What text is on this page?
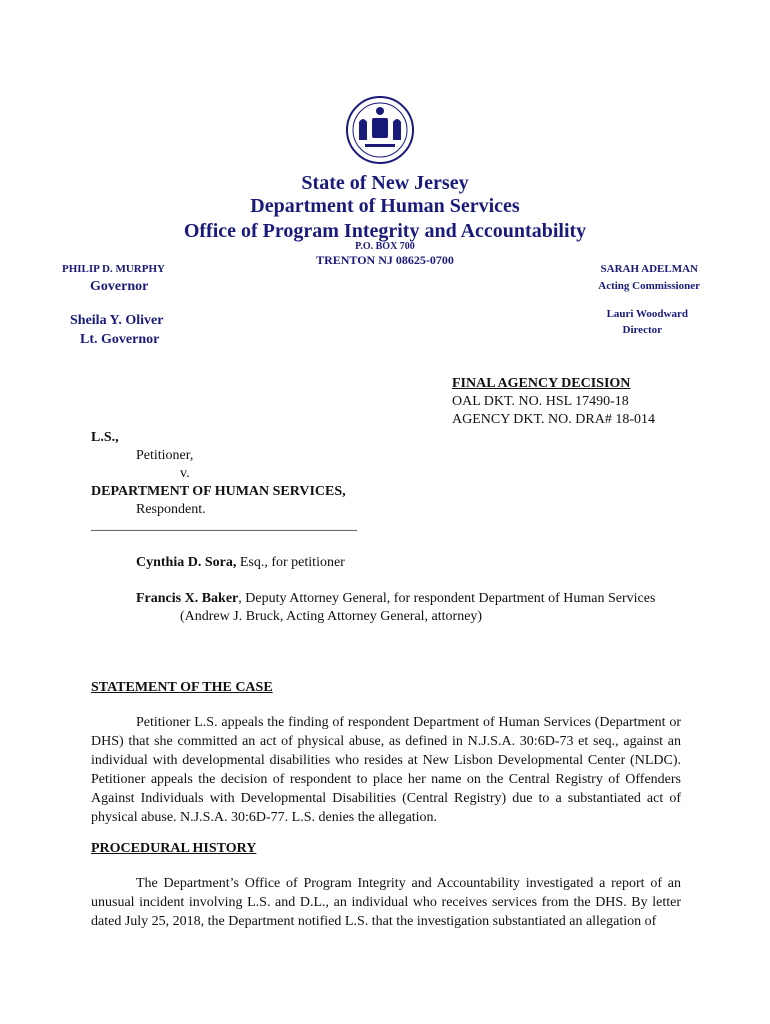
State of New Jersey
Department of Human Services
Office of Program Integrity and Accountability
P.O. BOX 700
TRENTON NJ 08625-0700
PHILIP D. MURPHY
Governor
Sheila Y. Oliver
Lt. Governor
SARAH ADELMAN
Acting Commissioner
Lauri Woodward
Director
FINAL AGENCY DECISION
OAL DKT. NO. HSL 17490-18
AGENCY DKT. NO. DRA# 18-014
L.S.,
Petitioner,
v.
DEPARTMENT OF HUMAN SERVICES,
Respondent.
______________________________________
Cynthia D. Sora, Esq., for petitioner
Francis X. Baker, Deputy Attorney General, for respondent Department of Human Services
(Andrew J. Bruck, Acting Attorney General, attorney)
STATEMENT OF THE CASE
Petitioner L.S. appeals the finding of respondent Department of Human Services (Department or DHS) that she committed an act of physical abuse, as defined in N.J.S.A. 30:6D-73 et seq., against an individual with developmental disabilities who resides at New Lisbon Developmental Center (NLDC). Petitioner appeals the decision of respondent to place her name on the Central Registry of Offenders Against Individuals with Developmental Disabilities (Central Registry) due to a substantiated act of physical abuse. N.J.S.A. 30:6D-77. L.S. denies the allegation.
PROCEDURAL HISTORY
The Department’s Office of Program Integrity and Accountability investigated a report of an unusual incident involving L.S. and D.L., an individual who receives services from the DHS. By letter dated July 25, 2018, the Department notified L.S. that the investigation substantiated an allegation of
